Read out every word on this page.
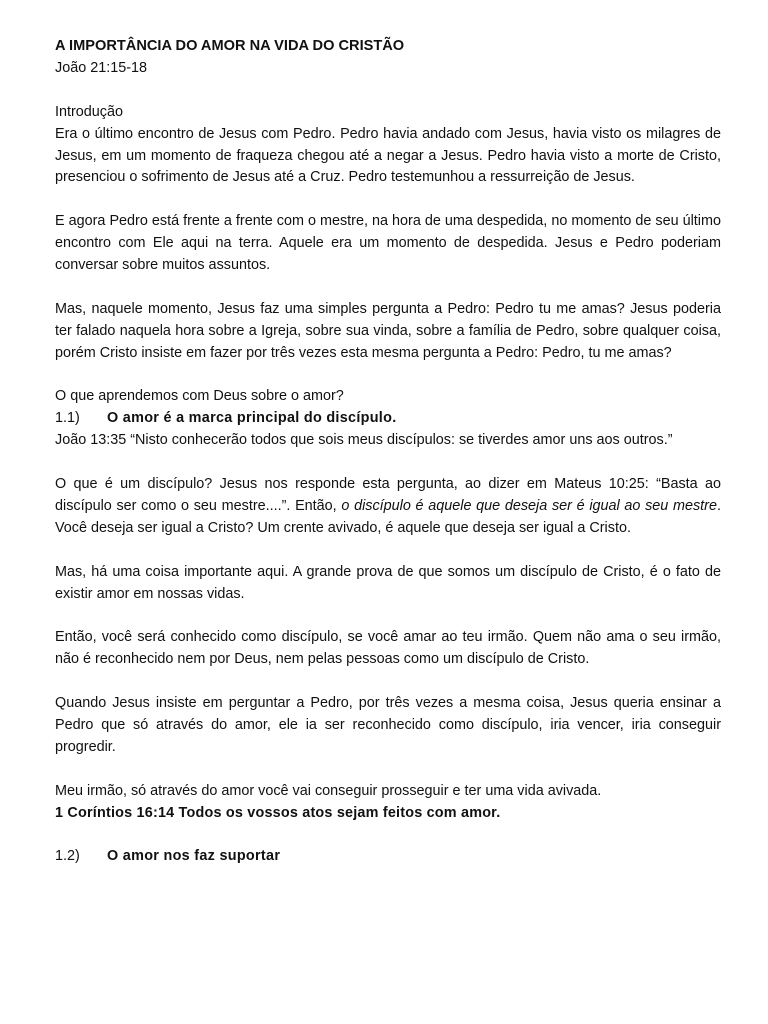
A IMPORTÂNCIA DO AMOR NA VIDA DO CRISTÃO
João 21:15-18
Introdução

Era o último encontro de Jesus com Pedro. Pedro havia andado com Jesus, havia visto os milagres de Jesus, em um momento de fraqueza chegou até a negar a Jesus. Pedro havia visto a morte de Cristo, presenciou o sofrimento de Jesus até a Cruz. Pedro testemunhou a ressurreição de Jesus.

E agora Pedro está frente a frente com o mestre, na hora de uma despedida, no momento de seu último encontro com Ele aqui na terra. Aquele era um momento de despedida. Jesus e Pedro poderiam conversar sobre muitos assuntos.

Mas, naquele momento, Jesus faz uma simples pergunta a Pedro: Pedro tu me amas? Jesus poderia ter falado naquela hora sobre a Igreja, sobre sua vinda, sobre a família de Pedro, sobre qualquer coisa, porém Cristo insiste em fazer por três vezes esta mesma pergunta a Pedro: Pedro, tu me amas?

O que aprendemos com Deus sobre o amor?
1.1)	O amor é a marca principal do discípulo.
João 13:35 “Nisto conhecerão todos que sois meus discípulos: se tiverdes amor uns aos outros.”

O que é um discípulo? Jesus nos responde esta pergunta, ao dizer em Mateus 10:25: “Basta ao discípulo ser como o seu mestre....”. Então, o discípulo é aquele que deseja ser é igual ao seu mestre. Você deseja ser igual a Cristo? Um crente avivado, é aquele que deseja ser igual a Cristo.

Mas, há uma coisa importante aqui. A grande prova de que somos um discípulo de Cristo, é o fato de existir amor em nossas vidas.

Então, você será conhecido como discípulo, se você amar ao teu irmão. Quem não ama o seu irmão, não é reconhecido nem por Deus, nem pelas pessoas como um discípulo de Cristo.

Quando Jesus insiste em perguntar a Pedro, por três vezes a mesma coisa, Jesus queria ensinar a Pedro que só através do amor, ele ia ser reconhecido como discípulo, iria vencer, iria conseguir progredir.

Meu irmão, só através do amor você vai conseguir prosseguir e ter uma vida avivada.
1 Coríntios 16:14 Todos os vossos atos sejam feitos com amor.
1.2)	O amor nos faz suportar
